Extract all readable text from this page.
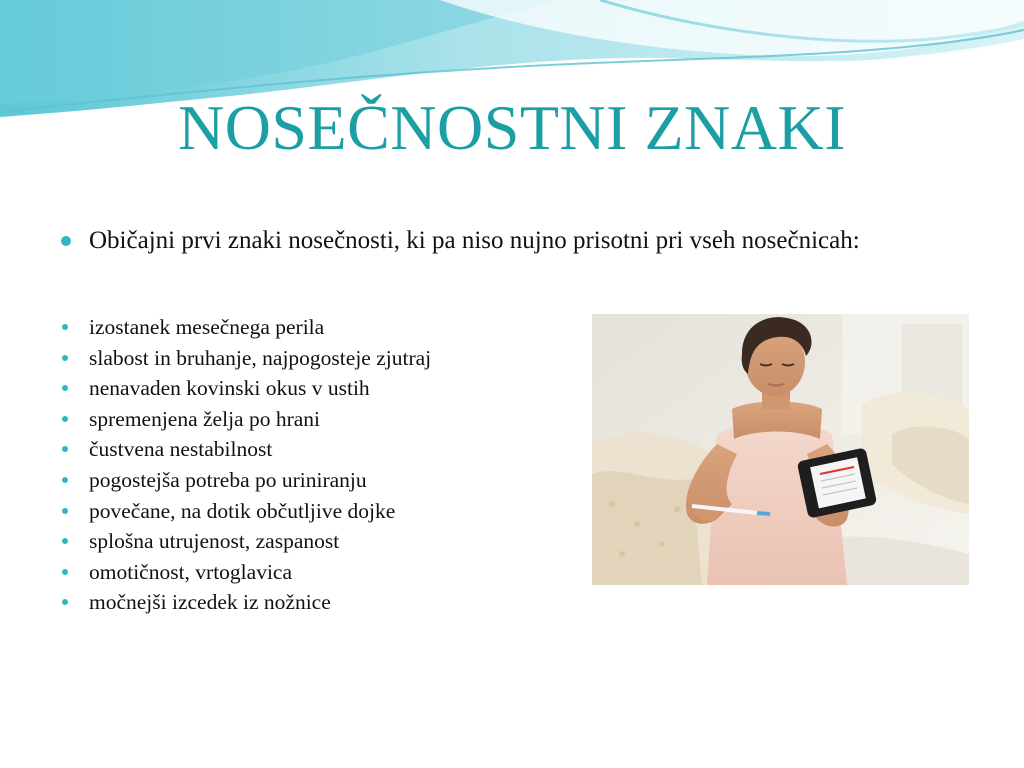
NOSEČNOSTNI ZNAKI
Običajni prvi znaki nosečnosti, ki pa niso nujno prisotni pri vseh nosečnicah:
izostanek mesečnega perila
slabost in bruhanje, najpogosteje zjutraj
nenavaden kovinski okus v ustih
spremenjena želja po hrani
čustvena nestabilnost
pogostejša potreba po uriniranju
povečane, na dotik občutljive dojke
splošna utrujenost, zaspanost
omotičnost, vrtoglavica
močnejši izcedek iz nožnice
